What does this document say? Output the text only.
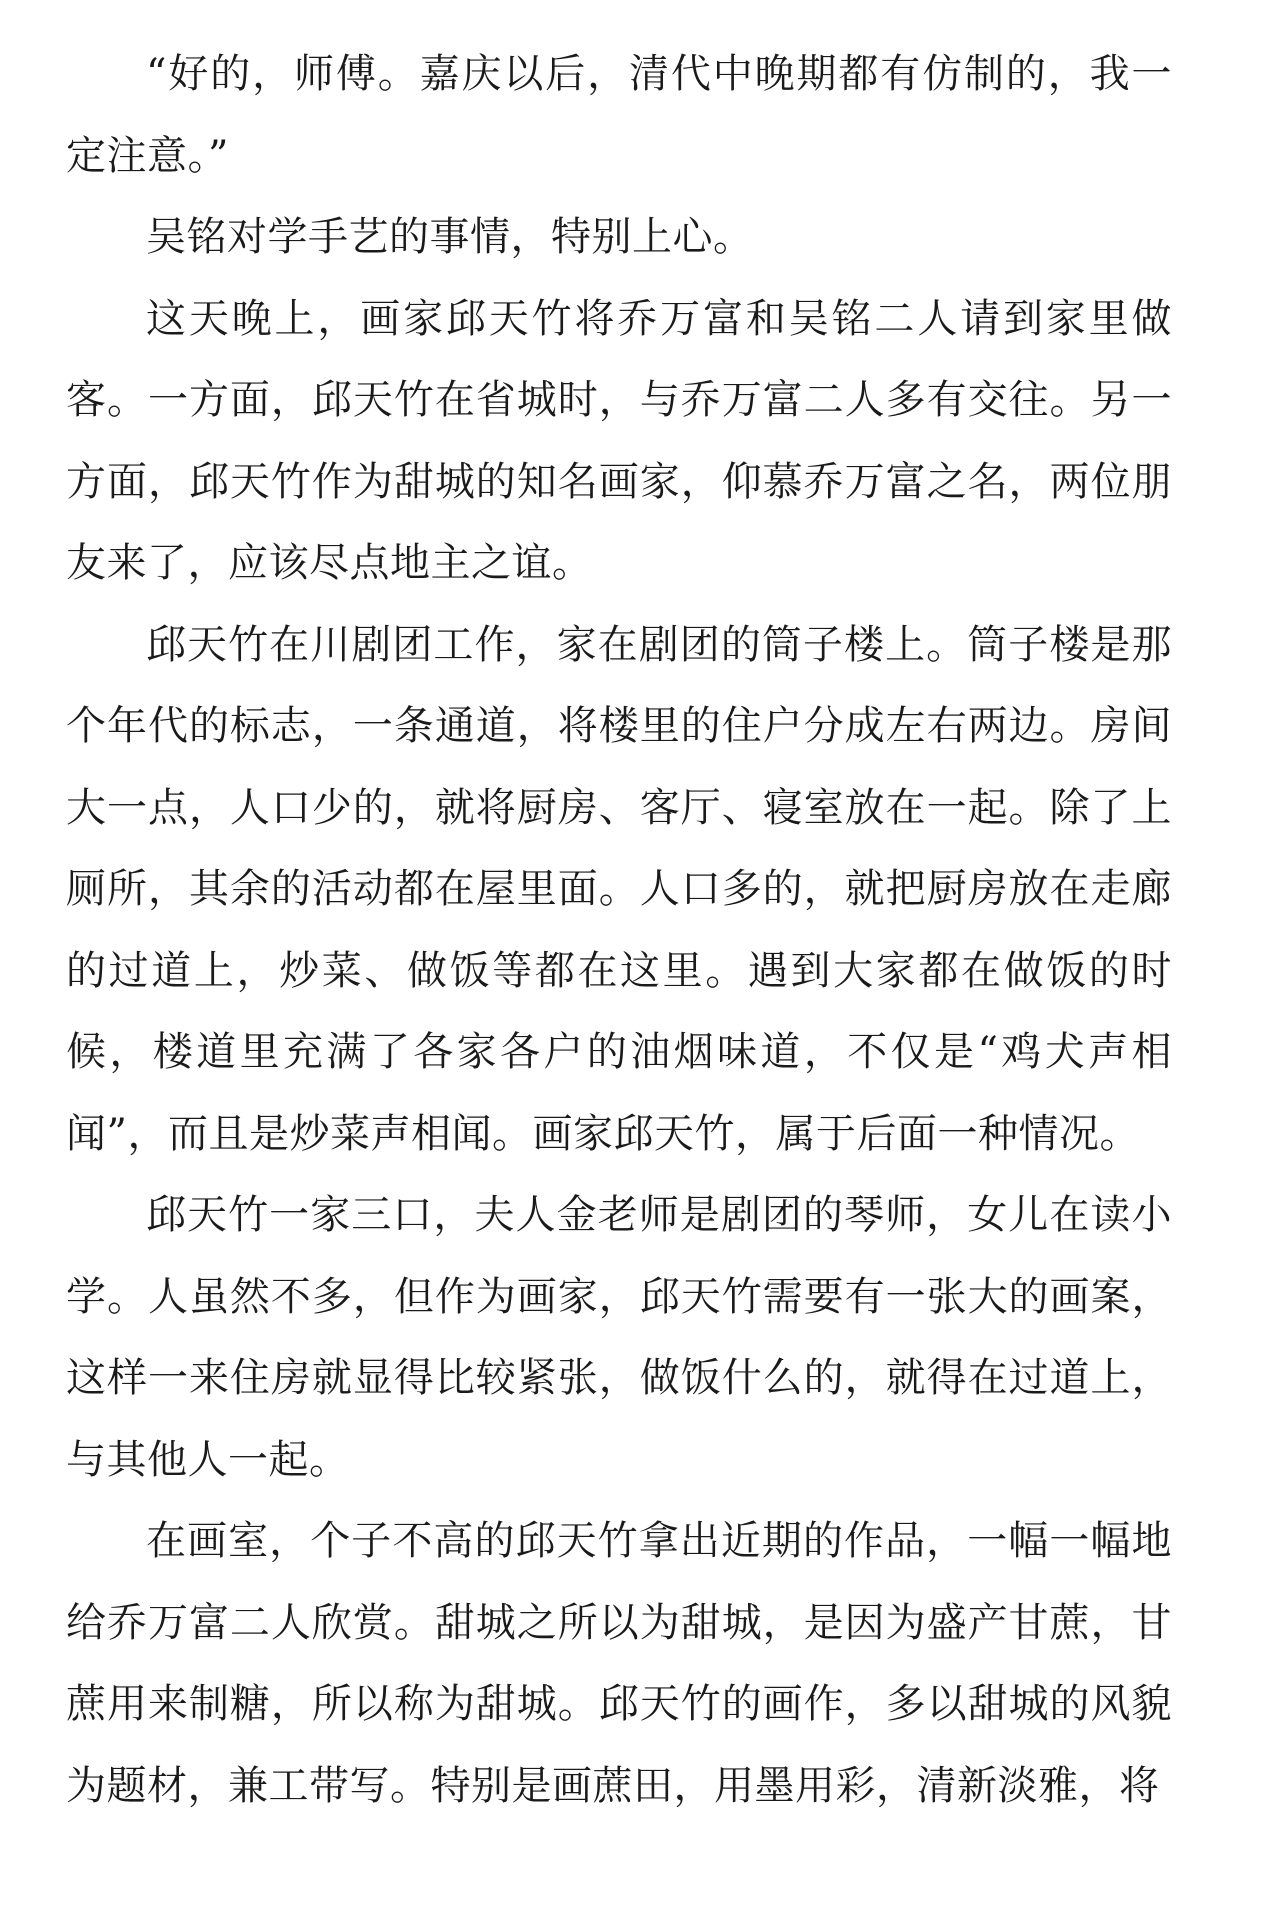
“好的，师傅。嘉庆以后，清代中晚期都有仿制的，我一定注意。”

吴铭对学手艺的事情，特别上心。

这天晚上，画家邱天竹将乔万富和吴铭二人请到家里做客。一方面，邱天竹在省城时，与乔万富二人多有交往。另一方面，邱天竹作为甜城的知名画家，仰慕乔万富之名，两位朋友来了，应该尽点地主之谊。

邱天竹在川剧团工作，家在剧团的筒子楼上。筒子楼是那个年代的标志，一条通道，将楼里的住户分成左右两边。房间大一点，人口少的，就将厨房、客厅、寝室放在一起。除了上厕所，其余的活动都在屋里面。人口多的，就把厨房放在走廊的过道上，炒菜、做饭等都在这里。遇到大家都在做饭的时候，楼道里充满了各家各户的油烟味道，不仅是“鸡犬声相闻”，而且是炒菜声相闻。画家邱天竹，属于后面一种情况。

邱天竹一家三口，夫人金老师是剧团的琴师，女儿在读小学。人虽然不多，但作为画家，邱天竹需要有一张大的画案，这样一来住房就显得比较紧张，做饭什么的，就得在过道上，与其他人一起。

在画室，个子不高的邱天竹拿出近期的作品，一幅一幅地给乔万富二人欣赏。甜城之所以为甜城，是因为盛产甘蔗，甘蔗用来制糖，所以称为甜城。邱天竹的画作，多以甜城的风貌为题材，兼工带写。特别是画蔗田，用墨用彩，清新淡雅，将
